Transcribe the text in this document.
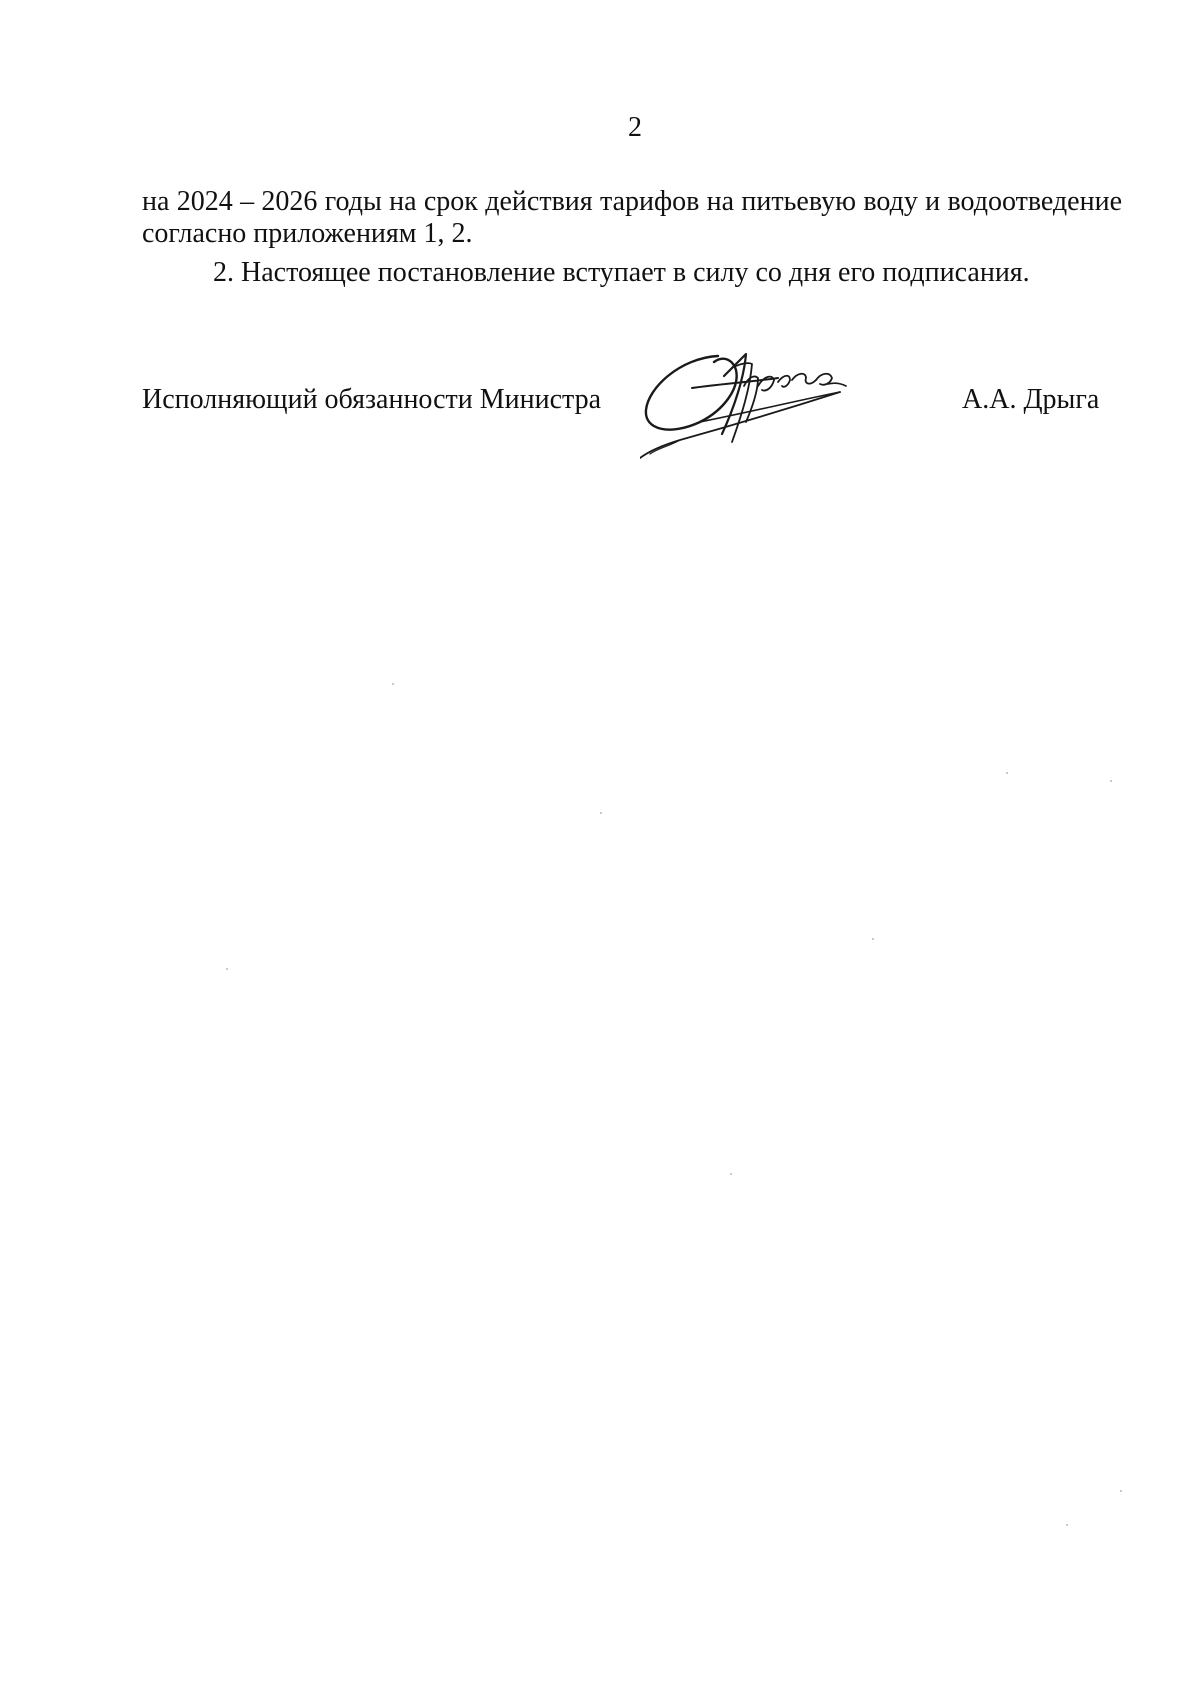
2
на 2024 – 2026 годы на срок действия тарифов на питьевую воду и водоотведение
согласно приложениям 1, 2.
2. Настоящее постановление вступает в силу со дня его подписания.
Исполняющий обязанности Министра	А.А. Дрыга
